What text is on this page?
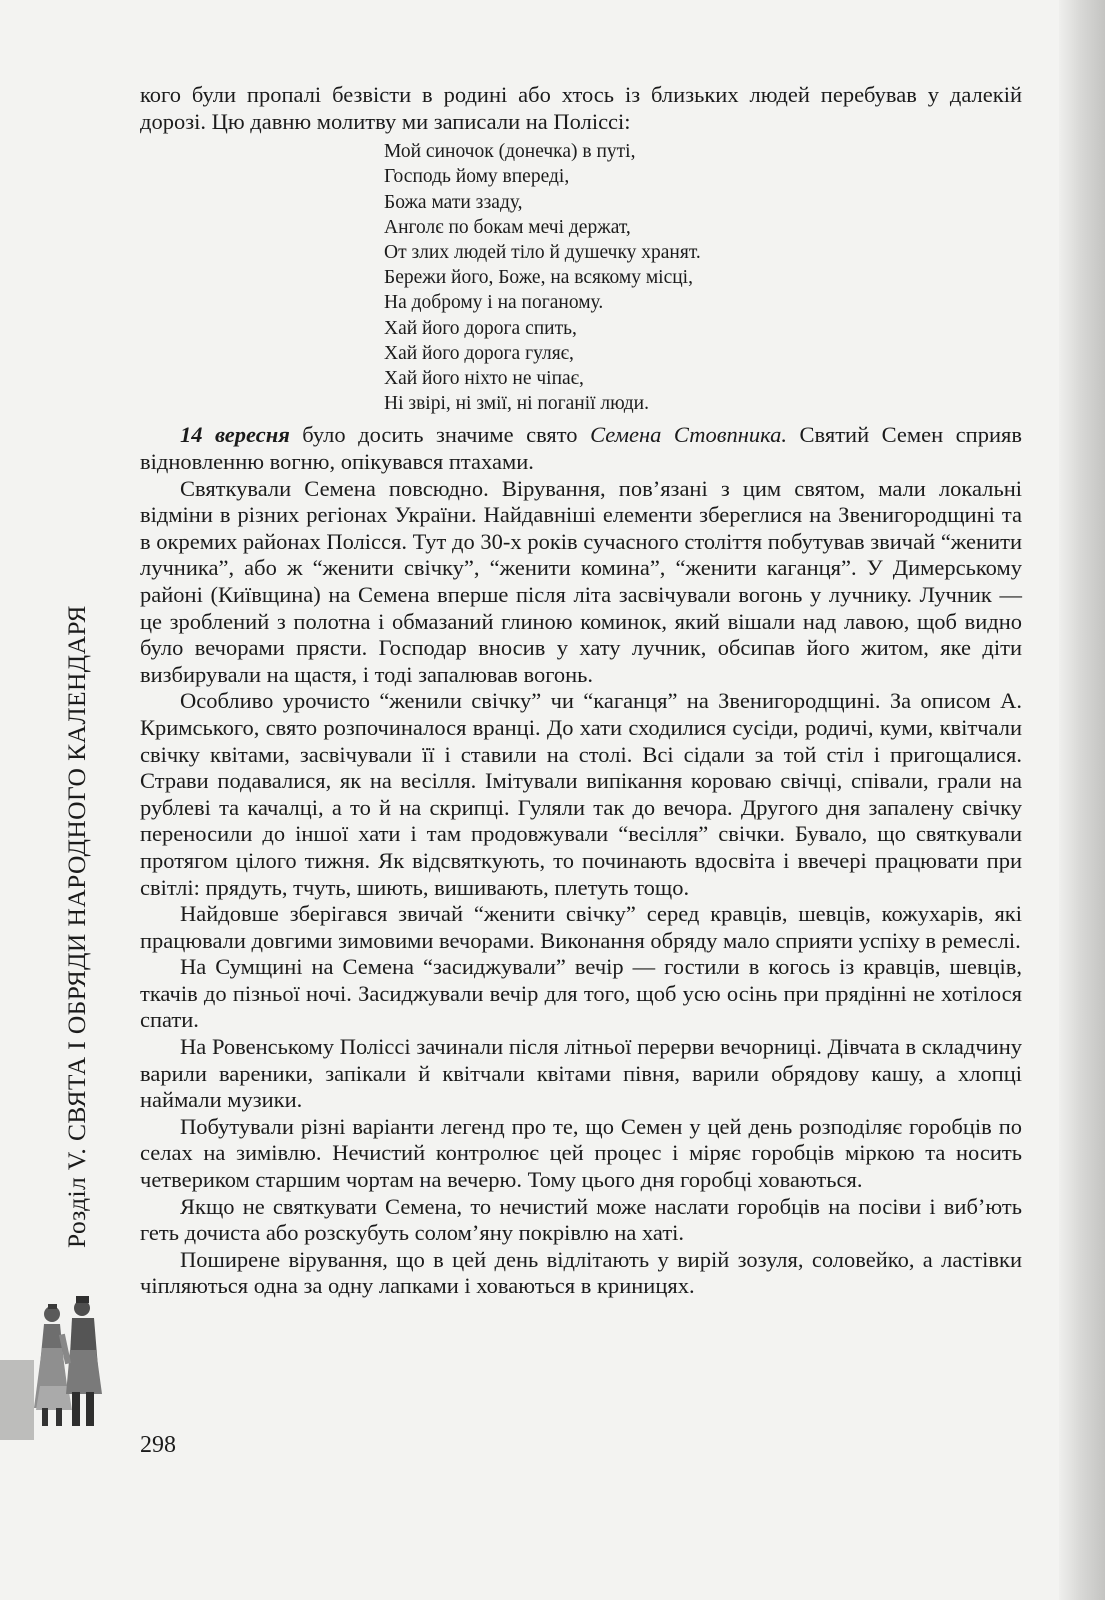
кого були пропалі безвісти в родині або хтось із близьких людей перебував у далекій дорозі. Цю давню молитву ми записали на Поліссі:

Мой синочок (донечка) в путі,
Господь йому впереді,
Божа мати ззаду,
Анголє по бокам мечі держат,
От злих людей тіло й душечку хранят.
Бережи його, Боже, на всякому місці,
На доброму і на поганому.
Хай його дорога спить,
Хай його дорога гуляє,
Хай його ніхто не чіпає,
Ні звірі, ні змії, ні поганії люди.

14 вересня було досить значиме свято Семена Стовпника. Святий Семен сприяв відновленню вогню, опікувався птахами.

Святкували Семена повсюдно. Вірування, пов’язані з цим святом, мали локальні відміни в різних регіонах України. Найдавніші елементи збереглися на Звенигородщині та в окремих районах Полісся. Тут до 30-х років сучасного століття побутував звичай “женити лучника”, або ж “женити свічку”, “женити комина”, “женити каганця”. У Димерському районі (Київщина) на Семена вперше після літа засвічували вогонь у лучнику. Лучник — це зроблений з полотна і обмазаний глиною коминок, який вішали над лавою, щоб видно було вечорами прясти. Господар вносив у хату лучник, обсипав його житом, яке діти визбирували на щастя, і тоді запалював вогонь.

Особливо урочисто “женили свічку” чи “каганця” на Звенигородщині. За описом А. Кримського, свято розпочиналося вранці. До хати сходилися сусіди, родичі, куми, квітчали свічку квітами, засвічували її і ставили на столі. Всі сідали за той стіл і пригощалися. Страви подавалися, як на весілля. Імітували випікання короваю свічці, співали, грали на рублеві та качалці, а то й на скрипці. Гуляли так до вечора. Другого дня запалену свічку переносили до іншої хати і там продовжували “весілля” свічки. Бувало, що святкували протягом цілого тижня. Як відсвяткують, то починають вдосвіта і ввечері працювати при світлі: прядуть, тчуть, шиють, вишивають, плетуть тощо.

Найдовше зберігався звичай “женити свічку” серед кравців, шевців, кожухарів, які працювали довгими зимовими вечорами. Виконання обряду мало сприяти успіху в ремеслі.

На Сумщині на Семена “засиджували” вечір — гостили в когось із кравців, шевців, ткачів до пізньої ночі. Засиджували вечір для того, щоб усю осінь при прядінні не хотілося спати.

На Ровенському Поліссі зачинали після літньої перерви вечорниці. Дівчата в складчину варили вареники, запікали й квітчали квітами півня, варили обрядову кашу, а хлопці наймали музики.

Побутували різні варіанти легенд про те, що Семен у цей день розподіляє горобців по селах на зимівлю. Нечистий контролює цей процес і міряє горобців міркою та носить четвериком старшим чортам на вечерю. Тому цього дня горобці ховаються.

Якщо не святкувати Семена, то нечистий може наслати горобців на посіви і виб’ють геть дочиста або розскубуть солом’яну покрівлю на хаті.

Поширене вірування, що в цей день відлітають у вирій зозуля, соловейко, а ластівки чіпляються одна за одну лапками і ховаються в криницях.

Розділ V. СВЯТА І ОБРЯДИ НАРОДНОГО КАЛЕНДАРЯ
298
